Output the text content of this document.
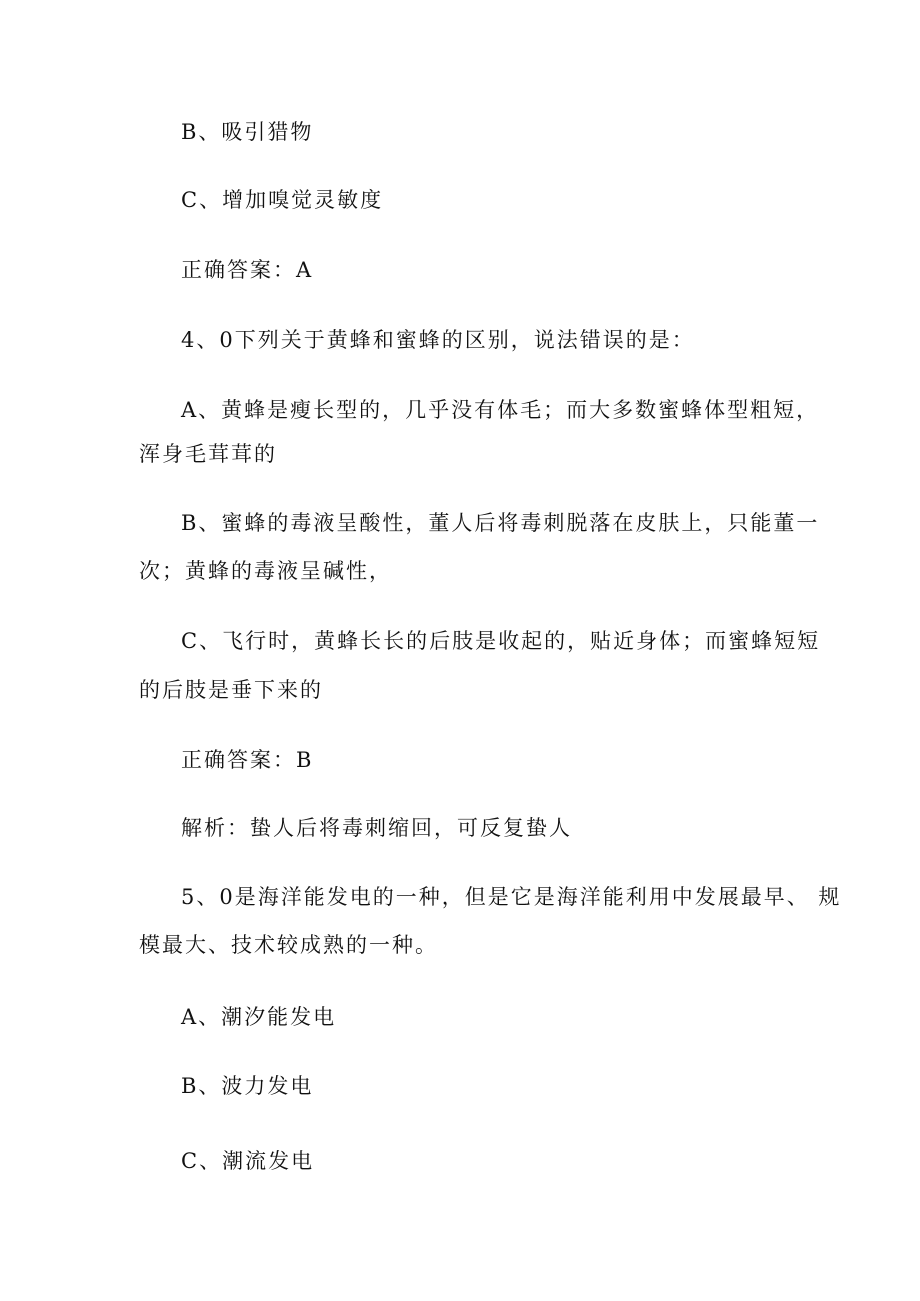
B、吸引猎物
C、增加嗅觉灵敏度
正确答案：A
4、0下列关于黄蜂和蜜蜂的区别，说法错误的是：
A、黄蜂是瘦长型的，几乎没有体毛；而大多数蜜蜂体型粗短，
浑身毛茸茸的
B、蜜蜂的毒液呈酸性，董人后将毒刺脱落在皮肤上，只能董一
次；黄蜂的毒液呈碱性，
C、飞行时，黄蜂长长的后肢是收起的，贴近身体；而蜜蜂短短
的后肢是垂下来的
正确答案：B
解析：蛰人后将毒刺缩回，可反复蛰人
5、0是海洋能发电的一种，但是它是海洋能利用中发展最早、 规
模最大、技术较成熟的一种。
A、潮汐能发电
B、波力发电
C、潮流发电
